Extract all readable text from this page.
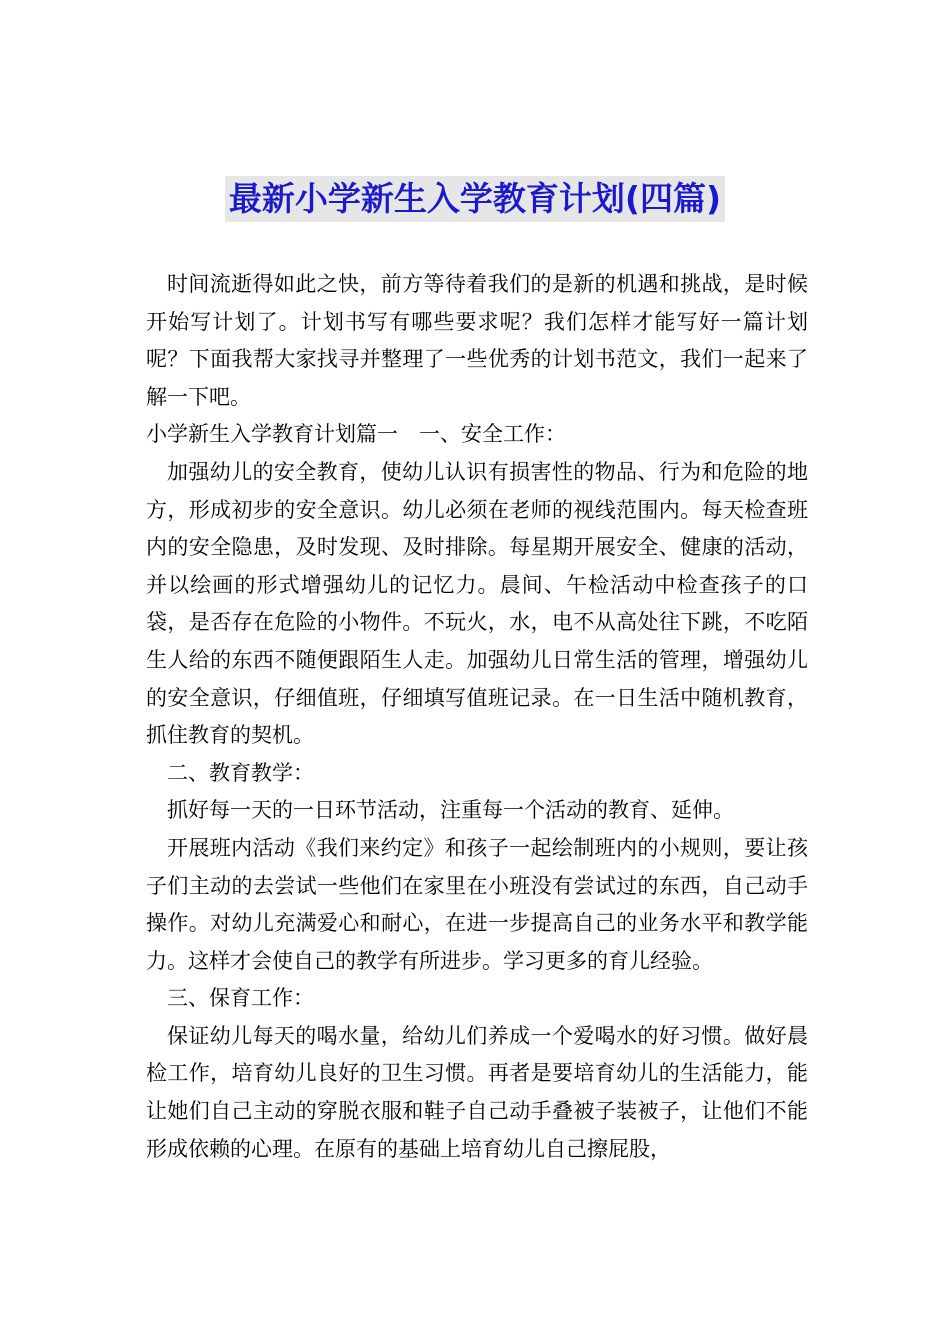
最新小学新生入学教育计划(四篇)

时间流逝得如此之快，前方等待着我们的是新的机遇和挑战，是时候开始写计划了。计划书写有哪些要求呢？我们怎样才能写好一篇计划呢？下面我帮大家找寻并整理了一些优秀的计划书范文，我们一起来了解一下吧。

小学新生入学教育计划篇一　一、安全工作：

加强幼儿的安全教育，使幼儿认识有损害性的物品、行为和危险的地方，形成初步的安全意识。幼儿必须在老师的视线范围内。每天检查班内的安全隐患，及时发现、及时排除。每星期开展安全、健康的活动，并以绘画的形式增强幼儿的记忆力。晨间、午检活动中检查孩子的口袋，是否存在危险的小物件。不玩火，水，电不从高处往下跳，不吃陌生人给的东西不随便跟陌生人走。加强幼儿日常生活的管理，增强幼儿的安全意识，仔细值班，仔细填写值班记录。在一日生活中随机教育，抓住教育的契机。

二、教育教学：

抓好每一天的一日环节活动，注重每一个活动的教育、延伸。

开展班内活动《我们来约定》和孩子一起绘制班内的小规则，要让孩子们主动的去尝试一些他们在家里在小班没有尝试过的东西，自己动手操作。对幼儿充满爱心和耐心，在进一步提高自己的业务水平和教学能力。这样才会使自己的教学有所进步。学习更多的育儿经验。

三、保育工作：

保证幼儿每天的喝水量，给幼儿们养成一个爱喝水的好习惯。做好晨检工作，培育幼儿良好的卫生习惯。再者是要培育幼儿的生活能力，能让她们自己主动的穿脱衣服和鞋子自己动手叠被子装被子，让他们不能形成依赖的心理。在原有的基础上培育幼儿自己擦屁股，
